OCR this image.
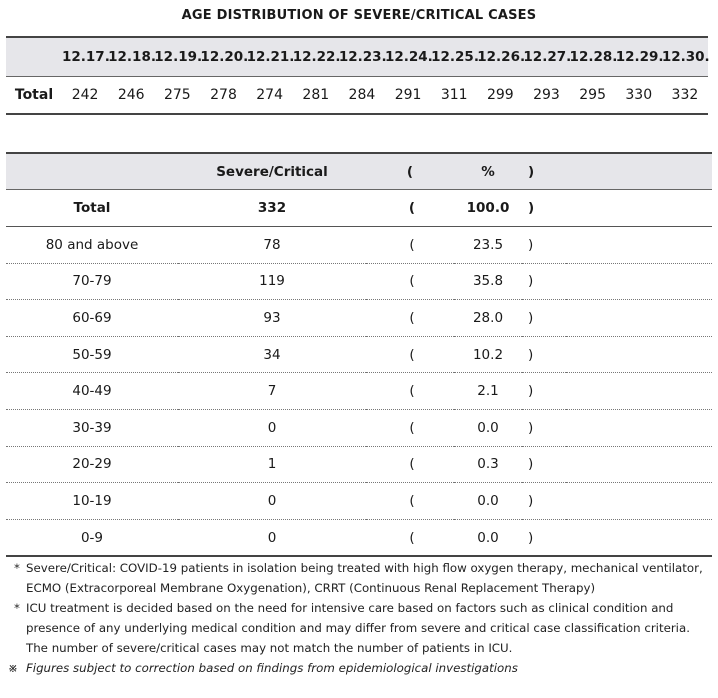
AGE DISTRIBUTION OF SEVERE/CRITICAL CASES
	12.17.	12.18.	12.19.	12.20.	12.21.	12.22.	12.23.	12.24.	12.25.	12.26.	12.27.	12.28.	12.29.	12.30.
Total	242	246	275	278	274	281	284	291	311	299	293	295	330	332
	Severe/Critical	(	%	)	
Total	332	(	100.0	)	
80 and above	78	(	23.5	)	
70-79	119	(	35.8	)	
60-69	93	(	28.0	)	
50-59	34	(	10.2	)	
40-49	7	(	2.1	)	
30-39	0	(	0.0	)	
20-29	1	(	0.3	)	
10-19	0	(	0.0	)	
0-9	0	(	0.0	)	
* Severe/Critical: COVID-19 patients in isolation being treated with high flow oxygen therapy, mechanical ventilator, ECMO (Extracorporeal Membrane Oxygenation), CRRT (Continuous Renal Replacement Therapy)
* ICU treatment is decided based on the need for intensive care based on factors such as clinical condition and presence of any underlying medical condition and may differ from severe and critical case classification criteria. The number of severe/critical cases may not match the number of patients in ICU.
※ Figures subject to correction based on findings from epidemiological investigations
